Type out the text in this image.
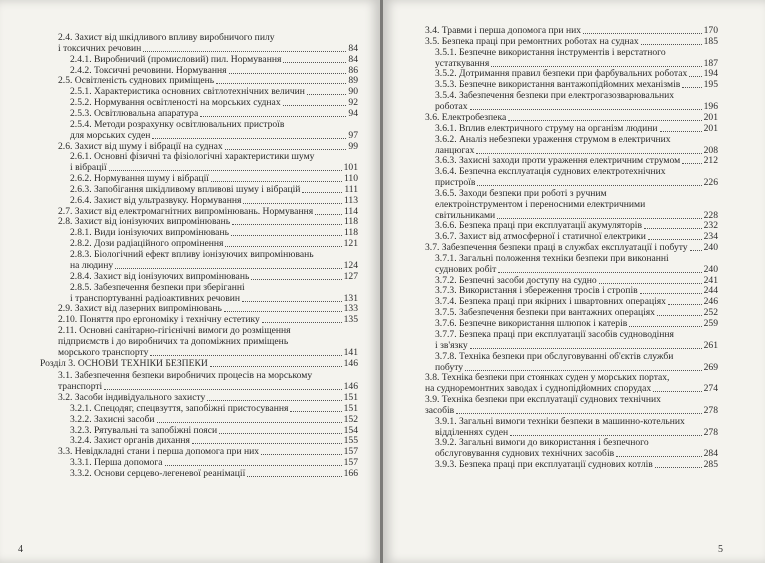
2.4. Захист від шкідливого впливу виробничого пилу
і токсичних речовин	84
2.4.1. Виробничий (промисловий) пил. Нормування	84
2.4.2. Токсичні речовини. Нормування	86
2.5. Освітленість суднових приміщень	89
2.5.1. Характеристика основних світлотехнічних величин	90
2.5.2. Нормування освітленості на морських суднах	92
2.5.3. Освітлювальна апаратура	94
2.5.4. Методи розрахунку освітлювальних пристроїв
для морських суден	97
2.6. Захист від шуму і вібрації на суднах	99
2.6.1. Основні фізичні та фізіологічні характеристики шуму
і вібрації	101
2.6.2. Нормування шуму і вібрації	110
2.6.3. Запобігання шкідливому впливові шуму і вібрацій	111
2.6.4. Захист від ультразвуку. Нормування	113
2.7. Захист від електромагнітних випромінювань. Нормування	114
2.8. Захист від іонізуючих випромінювань	118
2.8.1. Види іонізуючих випромінювань	118
2.8.2. Дози радіаційного опромінення	121
2.8.3. Біологічний ефект впливу іонізуючих випромінювань
на людину	124
2.8.4. Захист від іонізуючих випромінювань	127
2.8.5. Забезпечення безпеки при зберіганні
і транспортуванні радіоактивних речовин	131
2.9. Захист від лазерних випромінювань	133
2.10. Поняття про ергономіку і технічну естетику	135
2.11. Основні санітарно-гігієнічні вимоги до розміщення
підприємств і до виробничих та допоміжних приміщень
морського транспорту	141
Розділ 3. ОСНОВИ ТЕХНІКИ БЕЗПЕКИ	146
3.1. Забезпечення безпеки виробничих процесів на морському
транспорті	146
3.2. Засоби індивідуального захисту	151
3.2.1. Спецодяг, спецвзуття, запобіжні пристосування	151
3.2.2. Захисні засоби	152
3.2.3. Рятувальні та запобіжні пояси	154
3.2.4. Захист органів дихання	155
3.3. Невідкладні стани і перша допомога при них	157
3.3.1. Перша допомога	157
3.3.2. Основи серцево-легеневої реанімації	166
4
3.4. Травми і перша допомога при них	170
3.5. Безпека праці при ремонтних роботах на суднах	185
3.5.1. Безпечне використання інструментів і верстатного
устаткування	187
3.5.2. Дотримання правил безпеки при фарбувальних роботах 194
3.5.3. Безпечне використання вантажопідйомних механізмів 195
3.5.4. Забезпечення безпеки при електрогазозварювальних
роботах	196
3.6. Електробезпека	201
3.6.1. Вплив електричного струму на організм людини	201
3.6.2. Аналіз небезпеки ураження струмом в електричних
ланцюгах	208
3.6.3. Захисні заходи проти ураження електричним струмом 212
3.6.4. Безпечна експлуатація суднових електротехнічних
пристроїв	226
3.6.5. Заходи безпеки при роботі з ручним
електроінструментом і переносними електричними
світильниками	228
3.6.6. Безпека праці при експлуатації акумуляторів	232
3.6.7. Захист від атмосферної і статичної електрики	234
3.7. Забезпечення безпеки праці в службах експлуатації і побуту 240
3.7.1. Загальні положення техніки безпеки при виконанні
суднових робіт	240
3.7.2. Безпечні засоби доступу на судно	241
3.7.3. Використання і збереження тросів і стропів	244
3.7.4. Безпека праці при якірних і швартовних операціях	246
3.7.5. Забезпечення безпеки при вантажних операціях	252
3.7.6. Безпечне використання шлюпок і катерів	259
3.7.7. Безпека праці при експлуатації засобів судноводіння
і зв'язку	261
3.7.8. Техніка безпеки при обслуговуванні об'єктів служби
побуту	269
3.8. Техніка безпеки при стоянках суден у морських портах,
на судноремонтних заводах і суднопідйомних спорудах	274
3.9. Техніка безпеки при експлуатації суднових технічних
засобів	278
3.9.1. Загальні вимоги техніки безпеки в машинно-котельних
відділеннях суден	278
3.9.2. Загальні вимоги до використання і безпечного
обслуговування суднових технічних засобів	284
3.9.3. Безпека праці при експлуатації суднових котлів	285
5
